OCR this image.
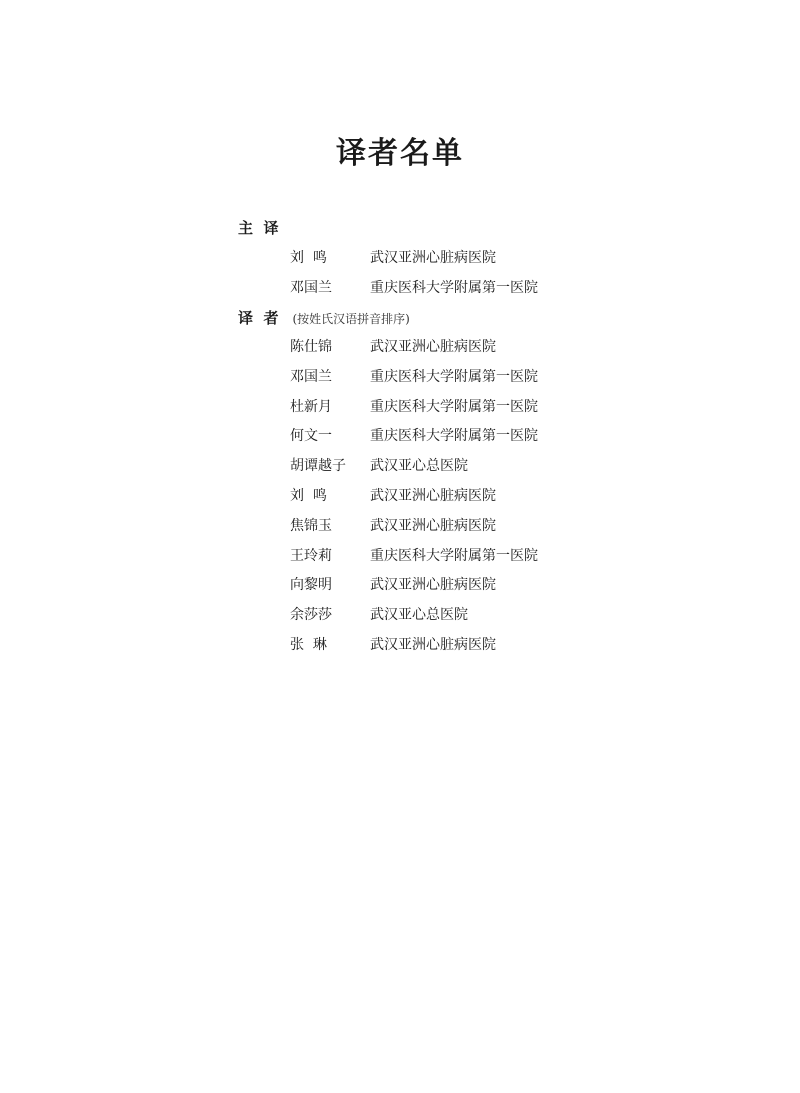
译者名单
主  译
刘  鸣	武汉亚洲心脏病医院
邓国兰	重庆医科大学附属第一医院
译  者 (按姓氏汉语拼音排序)
陈仕锦	武汉亚洲心脏病医院
邓国兰	重庆医科大学附属第一医院
杜新月	重庆医科大学附属第一医院
何文一	重庆医科大学附属第一医院
胡谭越子 武汉亚心总医院
刘  鸣	武汉亚洲心脏病医院
焦锦玉	武汉亚洲心脏病医院
王玲莉	重庆医科大学附属第一医院
向黎明	武汉亚洲心脏病医院
余莎莎	武汉亚心总医院
张  琳	武汉亚洲心脏病医院
